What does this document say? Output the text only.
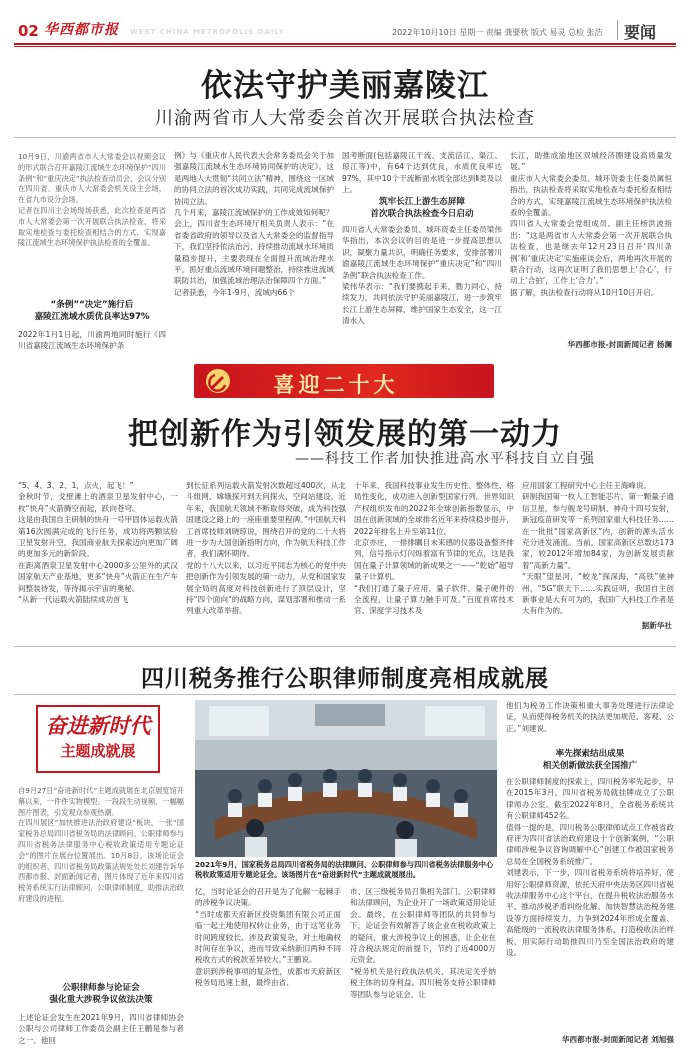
02 华西都市报 WEST CHINA METROPOLIS DAILY	2022年10月10日 星期一 责编 龚要秋 版式 易灵 总检 张浩 要闻
依法守护美丽嘉陵江
川渝两省市人大常委会首次开展联合执法检查
10月9日，川渝两省市人大常委会以视频会议的形式联合召开嘉陵江流域生态环境保护“四川条例”和“重庆决定”执法检查动员会，会议分别在四川省、重庆市人大常委会机关设主会场，在省九市设分会场。
记者在四川主会场现场获悉，此次检查是两省市人大常委会第一次开展联合执法检查，将采取实地检查与委托检查相结合的方式，实现嘉陵江流域生态环境保护执法检查的全覆盖。
“条例”“决定”施行后
嘉陵江流域水质优良率达97%
2022年1月1日起，川渝两地同时施行《四川省嘉陵江流域生态环境保护条
例》与《重庆市人民代表大会常务委员会关于加强嘉陵江流域水生态环境协同保护的决定》。这是两地人大贯彻“共同立法”精神，围绕这一区域的协同立法的首次成功实践，共同完成流域保护协同立法。
几个月来，嘉陵江流域保护的工作成效如何呢？
会上，四川省生态环境厅相关负责人表示：“在省委省政府的领导以及省人大常委会的监督指导下，我们坚持依法治污，持续推动流域水环境质量稳步提升，主要表现在全面提升流域治理水平，抓好重点流域环境问题整治，持续推进流域联防共治，加强流域治理法治保障四个方面。”
记者获悉，今年1-9月，流域内66个
国考断面(包括嘉陵江干流、支流涪江、渠江、琼江等)中，有64个达到优良，水质优良率达97%，其中10个干流断面水质全部达到Ⅱ类及以上。
筑牢长江上游生态屏障
首次联合执法检查今日启动
四川省人大常委会委员、城环资委主任委员梁伟华指出，本次会议的目的是进一步提高思想认识，凝聚力量共识，明确任务要求，安排部署川渝嘉陵江流域生态环境保护“重庆决定”和“四川条例”联合执法检查工作。
梁伟华表示：“我们要携起手来，勠力同心、持续发力，共同依法守护美丽嘉陵江，进一步筑牢长江上游生态屏障，维护国家生态安全，这一江清水入
长江，助推成渝地区双城经济圈建设高质量发展。”
重庆市人大常委会委员、城环资委主任委员属恒指出，执法检查将采取实地检查与委托检查相结合的方式，实现嘉陵江流域生态环境保护执法检查的全覆盖。
四川省人大常委会党组成员、副主任杨洪波指出：“这是两省市人大常委会第一次开展联合执法检查，也是继去年12月23日召开‘四川条例’和‘重庆决定’实施座谈会后，两地再次开展的联合行动，这再次证明了我们思想上‘合心’，行动上‘合拍’，工作上‘合力’。”
据了解，执法检查行动将从10月10日开启。
华西都市报-封面新闻记者 杨澜
喜迎二十大
把创新作为引领发展的第一动力
——科技工作者加快推进高水平科技自立自强
“5、4、3、2、1，点火，起飞！”
金秋时节，戈壁滩上的酒泉卫星发射中心，一枚“快舟”火箭腾空而起，跃向苍穹。
这是由我国自主研制的快舟一号甲固体运载火箭第16次圆满完成的飞行任务，成功将两颗试验卫星发射升空，我国商业航天探索迈向更加广阔的更加多元的新阶段。
在距离酒泉卫星发射中心2000多公里外的武汉国家航天产业基地，更多“快舟”火箭正在生产车间整装待发，等待揭示宇宙的奥秘。
“从新一代运载火箭陆续成功首飞
到长征系列运载火箭发射次数超过400次，从北斗组网、嫦娥探月到天问探火、空间站建设，近年来，我国航天领域不断取得突破，成为科技强国建设之路上的一座座重要里程碑。”中国航天科工首席技师刘晓琼说，围绕召开的党的二十大将进一步为大国创新指明方向，作为航天科技工作者，我们满怀期待。
党的十八大以来，以习近平同志为核心的党中央把创新作为引领发展的第一动力，从党和国家发展全局的高度对科技创新进行了顶层设计，坚持“四个面向”的战略方向，谋划部署和推动一系列重大改革举措。
十年来，我国科技事业发生历史性、整体性、格局性变化，成功进入创新型国家行列。世界知识产权组织发布的2022年全球创新指数显示，中国在创新领域的全球排名近年来持续稳步提升，2022年排名上升至第11位。
北京亦庄，一排排瞩目未来感的仪器设备整齐排列，信号指示灯闪烁着富有节律的光点，这是我国在量子计算领域的新成果之一——“乾始”超导量子计算机。
“我们打通了量子应用、量子软件、量子硬件的全流程，让量子算力触手可及。”百度首席技术官、深度学习技术及
应用国家工程研究中心主任王海峰说。
研制我国第一枚人工智能芯片、第一颗量子通信卫星，参与舰龙号研制、神舟十四号发射，新冠疫苗研发等一系列国家重大科技任务……在一批批“国家高新区”内，创新的源头活水充分迸发涌流。当前，国家高新区总数达173家，较2012年增加84家，为创新发展贡献着“高新力量”。
“天眼”望星河，“蛟龙”探深海，“高铁”驰神州，“5G”联天下……实践证明，我国自主创新事业是大有可为的，我国广大科技工作者是大有作为的。
据新华社
四川税务推行公职律师制度亮相成就展
奋进新时代
主题成就展
自9月27日“奋进新时代”主题成就展在北京展览馆开幕以来，一件件实物模型、一段段生动视频、一幅幅图片图表，引发观众参观热潮。
在四川展区“加快推进法治政府建设”板块，一张“国家税务总局四川省税务局的法律顾问、公职律师参与四川省税务法律服务中心税收政策适用专题论证会”的图片在展台位置展出。10月8日，该场论证会的组织者、四川省税务局政策法规处处长刘建告诉华西都市报、封面新闻记者，图片体现了近年来四川省税务系统实行法律顾问、公职律师制度，助推法治政府建设的进程。
公职律师参与论证会
强化重大涉税争议依法决策
上述论证会发生在2021年9月，四川省律师协会公职与公司律师工作委员会副主任王鹏是参与者之一。他回
2021年9月，国家税务总局四川省税务局的法律顾问、公职律师参与四川省税务法律服务中心税收政策适用专题论证会。该场图片在“奋进新时代”主题成就展展出。
忆，当时论证会的召开是为了化解一起棘手的涉税争议决策。
“当时成都天府新区投资集团有限公司正面临一起土地使用权转让业务，由于这笔业务时间跨度较长、涉及政策复杂，对土地确权时间存在争议，进而导致采纳新旧两种不同税收方式的税款差异较大。”王鹏说。
意识到涉税事项的复杂性，成都市天府新区税务局迅速上报，最终由省、
市、区三级税务局召集相关部门、公职律师和法律顾问，为企业开了一场政策适用论证会。最终，在公职律师等团队的共同参与下，论证会有效解答了该企业在税收政策上的疑问，重大涉税争议上的困惑，让企业在符合税法规定的前提下，节约了近4000万元资金。
“税务机关是行政执法机关，其决定关乎纳税主体的切身利益。四川税务支持公职律师等团队参与论证会，让
他们为税务工作决策和重大事务处理进行法律论证，从而使得税务机关的执法更加规范、客观、公正。”刘建说。
率先探索结出成果
相关创新做法获全国推广
在公职律师制度的探索上，四川税务率先起步，早在2015年3月，四川省税务局就挂牌成立了公职律师办公室。截至2022年8月，全省税务系统共有公职律师452名。
值得一提的是，四川税务公职律师试点工作被省政府评为四川省法治政府建设十个创新案例，“公职律师涉税争议咨询调解中心”创建工作被国家税务总局在全国税务系统推广。
刘建表示，下一步，四川省税务系统将培养好、使用好公职律师资源，依托天府中央法务区四川省税收法律服务中心这个平台，在提升税收法治服务水平、推动涉税矛盾纠纷化解、加快智慧法治税务建设等方面持续发力，力争到2024年形成全覆盖、高能级的一流税收法律服务体系，打造税收法治样板，用实际行动助推四川乃至全国法治政府的建设。
华西都市报-封面新闻记者 刘旭强
